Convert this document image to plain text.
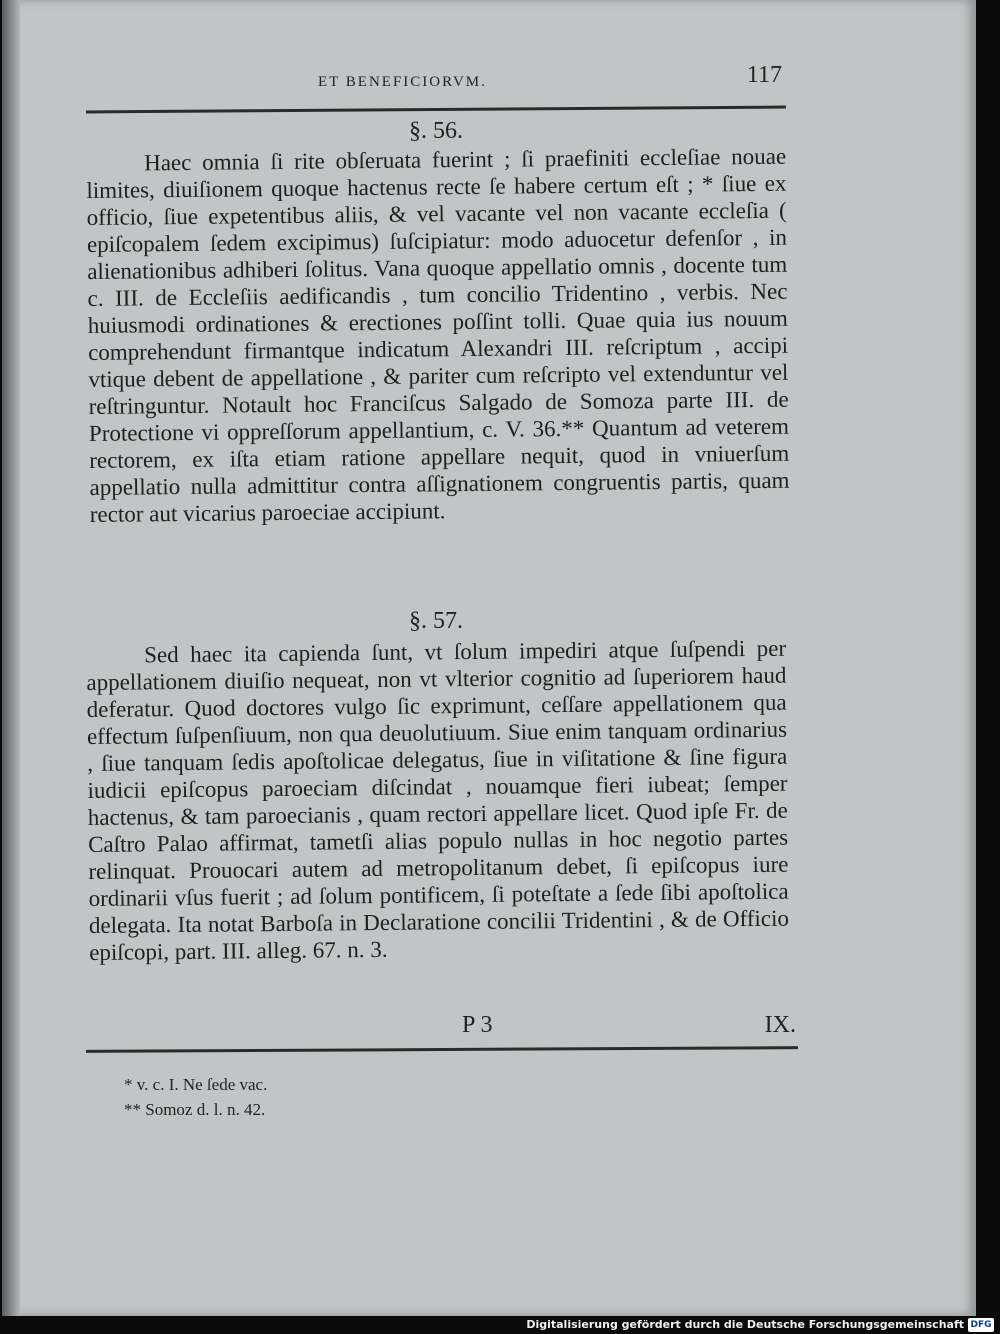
ET BENEFICIORVM.	117
§. 56.
Haec omnia ſi rite obſeruata fuerint ; ſi praefiniti eccleſiae nouae limites, diuiſionem quoque hactenus recte ſe habere certum eſt ; * ſiue ex officio, ſiue expetentibus aliis, & vel vacante vel non vacante eccleſia ( epiſcopalem ſedem excipimus) ſuſcipiatur: modo aduocetur defenſor , in alienationibus adhiberi ſolitus. Vana quoque appellatio omnis , docente tum c. III. de Eccleſiis aedificandis , tum concilio Tridentino , verbis. Nec huiusmodi ordinationes & erectiones poſſint tolli. Quae quia ius nouum comprehendunt firmantque indicatum Alexandri III. reſcriptum , accipi vtique debent de appellatione , & pariter cum reſcripto vel extenduntur vel reſtringuntur. Notault hoc Franciſcus Salgado de Somoza parte III. de Protectione vi oppreſſorum appellantium, c. V. 36.** Quantum ad veterem rectorem, ex iſta etiam ratione appellare nequit, quod in vniuerſum appellatio nulla admittitur contra aſſignationem congruentis partis, quam rector aut vicarius paroeciae accipiunt.
§. 57.
Sed haec ita capienda ſunt, vt ſolum impediri atque ſuſpendi per appellationem diuiſio nequeat, non vt vlterior cognitio ad ſuperiorem haud deferatur. Quod doctores vulgo ſic exprimunt, ceſſare appellationem qua effectum ſuſpenſiuum, non qua deuolutiuum. Siue enim tanquam ordinarius , ſiue tanquam ſedis apoſtolicae delegatus, ſiue in viſitatione & ſine figura iudicii epiſcopus paroeciam diſcindat , nouamque fieri iubeat; ſemper hactenus, & tam paroecianis , quam rectori appellare licet. Quod ipſe Fr. de Caſtro Palao affirmat, tametſi alias populo nullas in hoc negotio partes relinquat. Prouocari autem ad metropolitanum debet, ſi epiſcopus iure ordinarii vſus fuerit ; ad ſolum pontificem, ſi poteſtate a ſede ſibi apoſtolica delegata. Ita notat Barboſa in Declaratione concilii Tridentini , & de Officio epiſcopi, part. III. alleg. 67. n. 3.
P 3	IX.
* v. c. I. Ne ſede vac.
** Somoz d. l. n. 42.
Digitalisierung gefördert durch die Deutsche Forschungsgemeinschaft DFG
